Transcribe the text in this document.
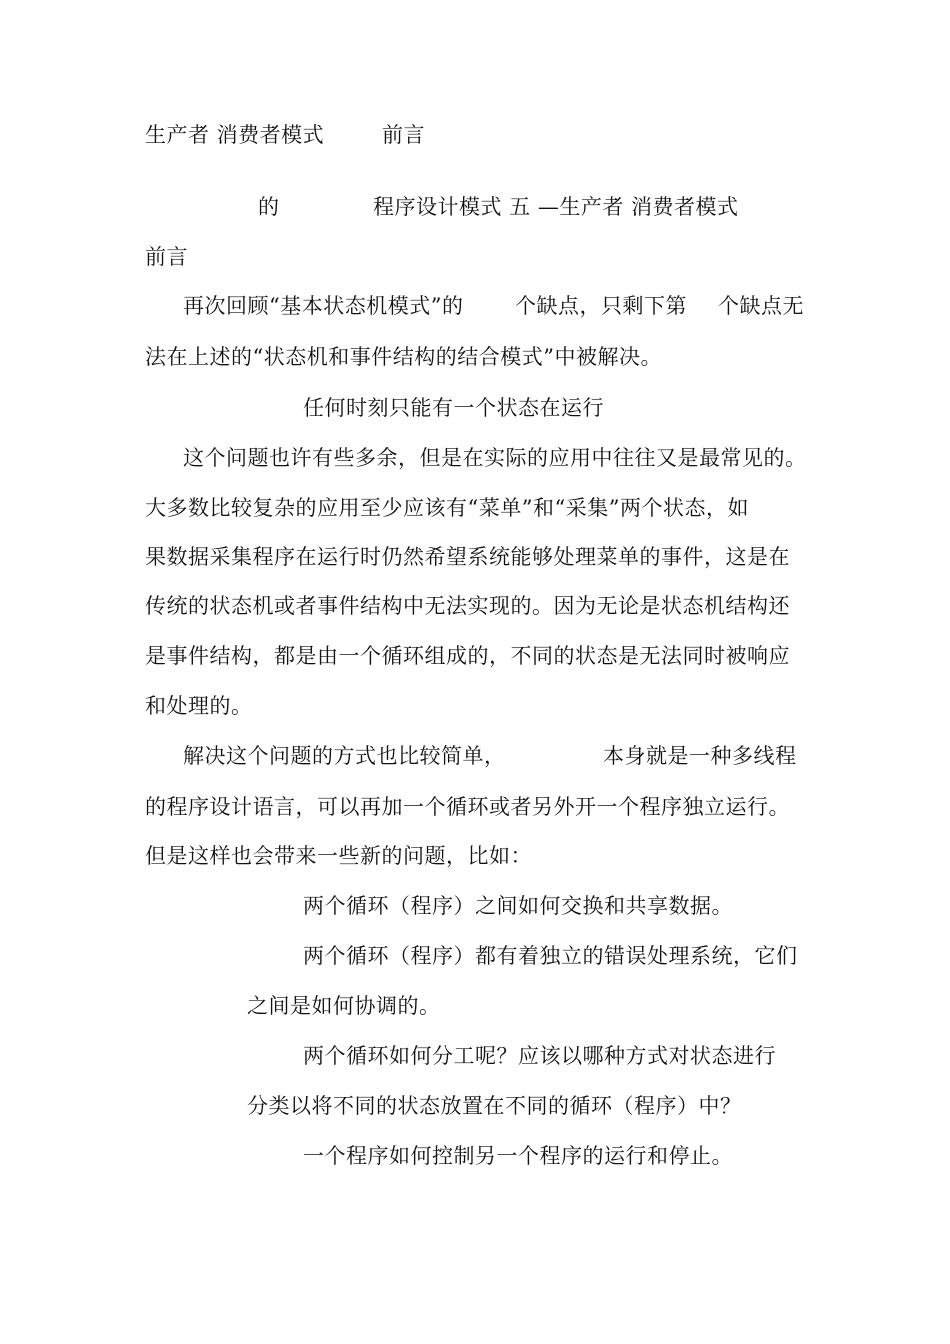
生产者 消费者模式	前言
的	程序设计模式 五 —生产者 消费者模式
前言
再次回顾“基本状态机模式”的 个缺点，只剩下第 个缺点无
法在上述的“状态机和事件结构的结合模式”中被解决。
任何时刻只能有一个状态在运行
这个问题也许有些多余，但是在实际的应用中往往又是最常见的。
大多数比较复杂的应用至少应该有“菜单”和“采集”两个状态，如
果数据采集程序在运行时仍然希望系统能够处理菜单的事件，这是在
传统的状态机或者事件结构中无法实现的。因为无论是状态机结构还
是事件结构，都是由一个循环组成的，不同的状态是无法同时被响应
和处理的。
解决这个问题的方式也比较简单，	本身就是一种多线程
的程序设计语言，可以再加一个循环或者另外开一个程序独立运行。
但是这样也会带来一些新的问题，比如：
两个循环（程序）之间如何交换和共享数据。
两个循环（程序）都有着独立的错误处理系统，它们
之间是如何协调的。
两个循环如何分工呢？应该以哪种方式对状态进行
分类以将不同的状态放置在不同的循环（程序）中？
一个程序如何控制另一个程序的运行和停止。
